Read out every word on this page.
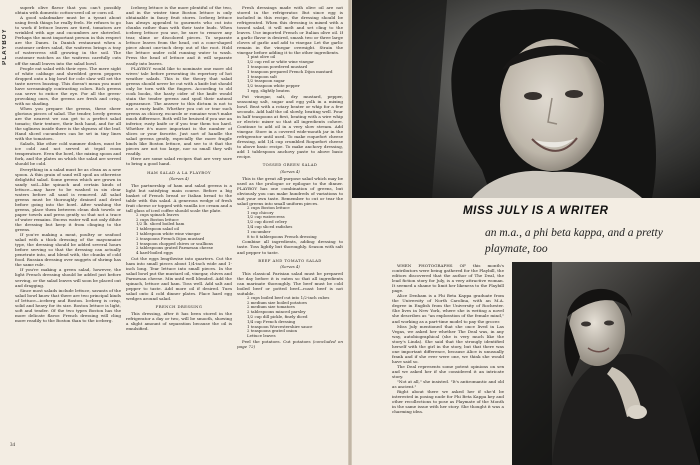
PLAYBOY

superb olive flavor that you can't possibly obtain with domestic cotton-seed oil or corn oil.

A good saladmaker must be a tyrant about using fresh things he really feels. He refuses to go to work if lettuce leaves are tired, tomatoes are wrinkled with age and cucumbers are shriveled. Perhaps the most important person in this respect are the Danes. In Danish restaurant when a customer orders salad, the waitress brings a tray of watercress still growing in the soil. The customer watches as the waitress carefully cuts off the small leaves into the salad bowl.

People eat salad with their eyes. The mere sight of white cabbage and shredded green peppers dropped onto a big bowl for cole slaw will set the taste nerves buzzing. This doesn't mean you must have screamingly contrasting colors. Rich greens can serve to entice the eye. For all the green-provoking ones, the greens are fresh and crisp, with no shading.

When you prepare the greens, these sheer glorious pieces of salad. The tender, lovely greens are the nearest we can get to a perfect salad tomato; their texture, their lush hand, and for all the ugliness inside there is the shyness of the leaf. Hand sliced cucumbers can be set in tiny lines with the tomatoes.

Salads, like other cold summer dishes, must be ice cold and not served at tepid room temperature. Even the bowl, the mixing spoon and fork, and the plates on which the salad are served should be cold.

Everything in a salad must be as clean as a new spoon. A thin grain of sand will spoil an otherwise delightful salad. Some greens which are grown in sandy soil—like spinach and certain kinds of lettuce—may have to be washed in six clear waters before all sand is removed. All salad greens must be thoroughly drained and dried before going into the bowl. After washing the greens, place them between clean dish towels or paper towels and press gently so that not a trace of water remains. Excess water will not only dilute the dressing but keep it from clinging to the greens.

If you're making a meat, poultry or seafood salad with a thick dressing of the mayonnaise type, the dressing should be added several hours before serving so that the dressing can actually penetrate into, and blend with, the chunks of cold food. Russian dressing over nuggets of shrimp has the same rule.

If you're making a green salad, however, the light French dressing should be added just before serving, or the salad leaves will soon be placed out and dragging.

Since most salads include lettuce, savants of the salad bowl know that there are two principal kinds of lettuce—iceberg and Boston. Iceberg is crisp, solid and heavy for its size. Boston lettuce is light, soft and tender. Of the two types Boston has the more delicate flavor. French dressing will cling more readily to the Boston than to the iceberg.

Iceberg lettuce is the more plentiful of the two, and in the winter time Boston lettuce is only obtainable in fancy fruit stores. Iceberg lettuce has always appealed to gourmets who cut into chunks rather than with their taste buds. When iceberg lettuce you use, be sure to remove any tear, slime or discolored pieces. To separate lettuce leaves from the head, cut a cone-shaped piece about one-inch deep out of the root. Hold the lettuce under cold running water to wash. Press the head of lettuce and it will separate easily into leaves.

PLAYBOY would like to nominate one more old wives' tale before presenting its repertory of hot weather salads. This is the theory that salad greens should never be cut with a knife but should only be torn with the fingers. According to old cook books, the hasty cider of the knife would stain the tender greens and spoil their natural appearance. The answer to this dictum is not to use a rusty knife. Whether you cut or tear such greens as chicory, escarole or romaine won't make much difference. Both will be bruised if you use an inferior, rusty knife or if you tear them too hard. Whether it's more important is the number of slices or your favorite. Just sort of handle the salad greens gently, especially the more fragile kinds like Boston lettuce, and see to it that the pieces are not too large, nor so small they wilt readily.

Here are some salad recipes that are very sure to bring a good hand.

HAM SALAD A LA PLAYBOY
(Serves 4)

The partnership of ham and salad greens is a light but satisfying main course. Before a big basket of French bread or Italian bread to the table with this salad. A generous wedge of fresh fruit cheese or topped with vanilla ice cream and a tall glass of iced coffee should scale the plate.

2 cups spinach leaves
2 cups Boston lettuce
1/2 lb. sliced boiled ham
1 tablespoon salad oil
1 tablespoon white wine vinegar
2 teaspoons French Dijon mustard
1 teaspoon chopped chives or scallions
2 tablespoons grated Parmesan cheese
4 hard-boiled eggs

Cut the eggs lengthwise into quarters. Cut the ham into small pieces about 1/4-inch wide and 1-inch long. Tear lettuce into small pieces. In the salad bowl put the mustard oil, vinegar, chives and Parmesan cheese. Mix until well blended. Add the spinach, lettuce and ham. Toss well. Add salt and pepper to taste. Add more oil if desired. Turn salad onto 4 cold dinner plates. Place hard egg wedges around salad.

FRENCH DRESSING

This dressing, after it has been stored in the refrigerator a day or two, will be smooth, showing a slight amount of separation because the oil is emulsified.

Fresh dressings made with olive oil are not stored in the refrigerator. But since egg is included in this recipe, the dressing should be refrigerated. When this dressing is mixed with a tossed salad, it will melt and set cling to the leaves. Use imported French or Italian olive oil. If a garlic flavor is desired, smash two or three large cloves of garlic and add to vinegar. Let the garlic remain in the vinegar overnight. Strain the vinegar before adding it to the other ingredients.

1 pint olive oil
1/2 cup red or white wine vinegar
1 teaspoon powdered mustard
1 teaspoon prepared French Dijon mustard
1 teaspoon salt
1/2 teaspoon sugar
1/2 teaspoon white pepper
1 egg, slightly beaten

Put vinegar, salt, dry mustard, pepper, seasoning salt, sugar and egg yolk in a mixing bowl. Beat with a rotary beater or whip for a few seconds. Add half the oil slowly, beating well. Pour in half teaspoons at first, beating with a wire whip or electric mixer so that all ingredients cohere. Continue to add oil in a very slow stream. Add vinegar. Store in a covered wide-mouth jar in the refrigerator until used. To make roquefort cheese dressing, add 1/4 cup crumbled Roquefort cheese to above basic recipe. To make anchovy dressing, add 1 tablespoon anchovy paste to above basic recipe.

TOSSED GREEN SALAD
(Serves 4)

This is the great all-purpose salad which may be used as the prologue or epilogue to the dinner. PLAYBOY has one combination of greens, but obviously you can make hundreds of variations to suit your own taste. Remember to cut or tear the salad greens into small uniform pieces.

2 cups Boston lettuce
1 cup chicory
1/2 cup watercress
1/2 cup diced celery
1/4 cup sliced radishes
1 cucumber
8 to 8 tablespoons French dressing

Combine all ingredients, adding dressing to taste. Toss lightly but thoroughly. Season with salt and pepper to taste.

BEEF AND TOMATO SALAD
(Serves 4)

This classical Parisian salad must be prepared the day before it is eaten so that all ingredients can marinate thoroughly. The beef must be cold boiled beef or potted beef—roast beef is not suitable.

2 cups boiled beef cut into 1/2-inch cubes
2 medium size boiled potatoes
2 medium size tomatoes
2 tablespoons minced parsley
1/2 cup dill pickle, finely diced
1/4 cup French dressing
1 teaspoon Worcestershire sauce
2 teaspoons grated onion
Lettuce leaves

Peel the potatoes. Cut potatoes (concluded on page 72)

34
MISS JULY IS A WRITER
an m.a., a phi beta kappa, and a pretty playmate, too

WHEN PHOTOGRAPHS OF this month's contributors were being gathered for the Playbill, the editors discovered that the author of The Deal, the lead fiction story for July, is a very attractive woman. It seemed a shame to limit her likeness to the Playbill page.

Alice Denham is a Phi Beta Kappa graduate from the University of North Carolina, with an M.A. degree in English from the University of Rochester. She lives in New York, where she is writing a novel she describes as "an exploration of the female mind," and working as a part-time model to pay the grocer.

Miss July mentioned that she once lived in Las Vegas, we asked her whether The Deal was, in any way, autobiographical (she is very much like the story's Linda). She said that the strongly identified herself with the girl in the story, but that there was one important difference, because Alice is unusually frank and if she ever were one, we think she would have said so.

The Deal represents some potent opinions on sex and we asked her if she considered it an intricate story.

"Not at all," she insisted. "It's antiromantic and old as ancient."

Right about there we asked her if she'd be interested in posing nude for Phi Beta Kappa key and other recollections to pose as Playmate of the Month in the same issue with her story. She thought it was a charming idea.
